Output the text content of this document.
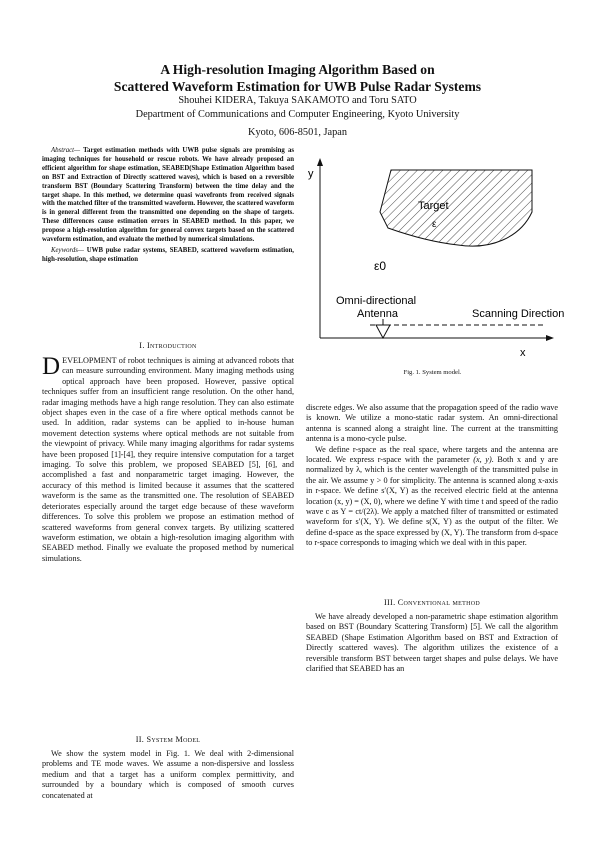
A High-resolution Imaging Algorithm Based on
Scattered Waveform Estimation for UWB Pulse Radar Systems
Shouhei KIDERA, Takuya SAKAMOTO and Toru SATO
Department of Communications and Computer Engineering, Kyoto University
Kyoto, 606-8501, Japan

Abstract— Target estimation methods with UWB pulse signals are promising as imaging techniques for household or rescue robots. We have already proposed an efficient algorithm for shape estimation, SEABED(Shape Estimation Algorithm based on BST and Extraction of Directly scattered waves), which is based on a reversible transform BST (Boundary Scattering Transform) between the time delay and the target shape. In this method, we determine quasi wavefronts from received signals with the matched filter of the transmitted waveform. However, the scattered waveform is in general different from the transmitted one depending on the shape of targets. These differences cause estimation errors in SEABED method. In this paper, we propose a high-resolution algorithm for general convex targets based on the scattered waveform estimation, and evaluate the method by numerical simulations.

Keywords— UWB pulse radar systems, SEABED, scattered waveform estimation, high-resolution, shape estimation

I. Introduction

DEVELOPMENT of robot techniques is aiming at advanced robots that can measure surrounding environment. Many imaging methods using optical approach have been proposed. However, passive optical techniques suffer from an insufficient range resolution. On the other hand, radar imaging methods have a high range resolution. They can also estimate object shapes even in the case of a fire where optical methods cannot be used. In addition, radar systems can be applied to in-house human movement detection systems where optical methods are not suitable from the viewpoint of privacy. While many imaging algorithms for radar systems have been proposed [1]-[4], they require intensive computation for a target imaging. To solve this problem, we proposed SEABED [5], [6], and accomplished a fast and nonparametric target imaging. However, the accuracy of this method is limited because it assumes that the scattered waveform is the same as the transmitted one. The resolution of SEABED deteriorates especially around the target edge because of these waveform differences. To solve this problem we propose an estimation method of scattered waveforms from general convex targets. By utilizing scattered waveform estimation, we obtain a high-resolution imaging algorithm with SEABED method. Finally we evaluate the proposed method by numerical simulations.

II. System Model

We show the system model in Fig. 1. We deal with 2-dimensional problems and TE mode waves. We assume a non-dispersive and lossless medium and that a target has a uniform complex permittivity, and surrounded by a boundary which is composed of smooth curves concatenated at

y
x
Target
ε
ε0
Omni-directional
Antenna	Scanning Direction
Fig. 1. System model.

discrete edges. We also assume that the propagation speed of the radio wave is known. We utilize a mono-static radar system. An omni-directional antenna is scanned along a straight line. The current at the transmitting antenna is a mono-cycle pulse.

We define r-space as the real space, where targets and the antenna are located. We express r-space with the parameter (x, y). Both x and y are normalized by λ, which is the center wavelength of the transmitted pulse in the air. We assume y > 0 for simplicity. The antenna is scanned along x-axis in r-space. We define s′(X, Y) as the received electric field at the antenna location (x, y) = (X, 0), where we define Y with time t and speed of the radio wave c as Y = ct/(2λ). We apply a matched filter of transmitted or estimated waveform for s′(X, Y). We define s(X, Y) as the output of the filter. We define d-space as the space expressed by (X, Y). The transform from d-space to r-space corresponds to imaging which we deal with in this paper.

III. Conventional method

We have already developed a non-parametric shape estimation algorithm based on BST (Boundary Scattering Transform) [5]. We call the algorithm SEABED (Shape Estimation Algorithm based on BST and Extraction of Directly scattered waves). The algorithm utilizes the existence of a reversible transform BST between target shapes and pulse delays. We have clarified that SEABED has an
